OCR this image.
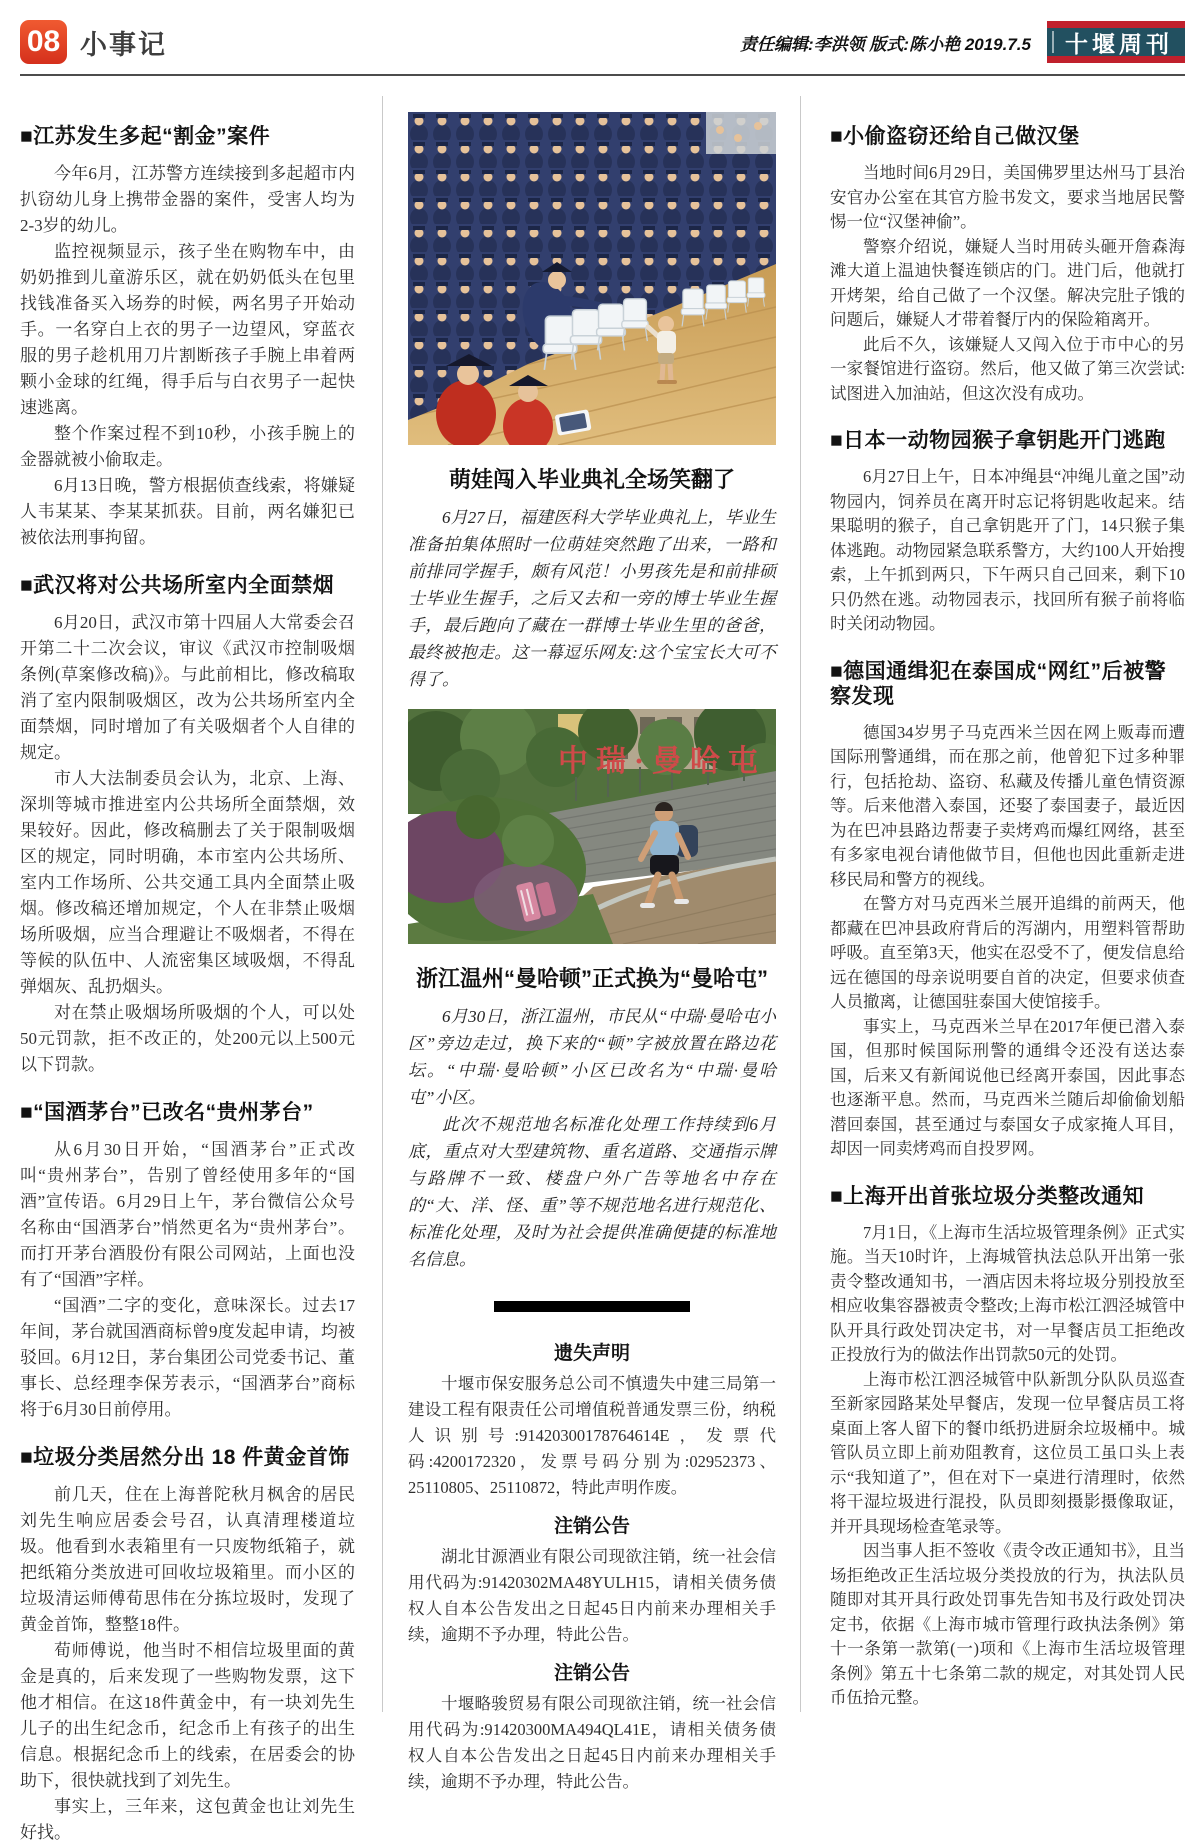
08 小事记	责任编辑:李洪领 版式:陈小艳 2019.7.5	十堰周刊
■江苏发生多起“割金”案件

今年6月，江苏警方连续接到多起超市内扒窃幼儿身上携带金器的案件，受害人均为2-3岁的幼儿。

监控视频显示，孩子坐在购物车中，由奶奶推到儿童游乐区，就在奶奶低头在包里找钱准备买入场券的时候，两名男子开始动手。一名穿白上衣的男子一边望风，穿蓝衣服的男子趁机用刀片割断孩子手腕上串着两颗小金球的红绳，得手后与白衣男子一起快速逃离。

整个作案过程不到10秒，小孩手腕上的金器就被小偷取走。

6月13日晚，警方根据侦查线索，将嫌疑人韦某某、李某某抓获。目前，两名嫌犯已被依法刑事拘留。

■武汉将对公共场所室内全面禁烟

6月20日，武汉市第十四届人大常委会召开第二十二次会议，审议《武汉市控制吸烟条例(草案修改稿)》。与此前相比，修改稿取消了室内限制吸烟区，改为公共场所室内全面禁烟，同时增加了有关吸烟者个人自律的规定。

市人大法制委员会认为，北京、上海、深圳等城市推进室内公共场所全面禁烟，效果较好。因此，修改稿删去了关于限制吸烟区的规定，同时明确，本市室内公共场所、室内工作场所、公共交通工具内全面禁止吸烟。修改稿还增加规定，个人在非禁止吸烟场所吸烟，应当合理避让不吸烟者，不得在等候的队伍中、人流密集区域吸烟，不得乱弹烟灰、乱扔烟头。

对在禁止吸烟场所吸烟的个人，可以处50元罚款，拒不改正的，处200元以上500元以下罚款。

■“国酒茅台”已改名“贵州茅台”

从6月30日开始，“国酒茅台”正式改叫“贵州茅台”，告别了曾经使用多年的“国酒”宣传语。6月29日上午，茅台微信公众号名称由“国酒茅台”悄然更名为“贵州茅台”。而打开茅台酒股份有限公司网站，上面也没有了“国酒”字样。

“国酒”二字的变化，意味深长。过去17年间，茅台就国酒商标曾9度发起申请，均被驳回。6月12日，茅台集团公司党委书记、董事长、总经理李保芳表示，“国酒茅台”商标将于6月30日前停用。

■垃圾分类居然分出 18 件黄金首饰

前几天，住在上海普陀秋月枫舍的居民刘先生响应居委会号召，认真清理楼道垃圾。他看到水表箱里有一只废物纸箱子，就把纸箱分类放进可回收垃圾箱里。而小区的垃圾清运师傅荀思伟在分拣垃圾时，发现了黄金首饰，整整18件。

荀师傅说，他当时不相信垃圾里面的黄金是真的，后来发现了一些购物发票，这下他才相信。在这18件黄金中，有一块刘先生儿子的出生纪念币，纪念币上有孩子的出生信息。根据纪念币上的线索，在居委会的协助下，很快就找到了刘先生。

事实上，三年来，这包黄金也让刘先生好找。

萌娃闯入毕业典礼全场笑翻了

6月27日，福建医科大学毕业典礼上，毕业生准备拍集体照时一位萌娃突然跑了出来，一路和前排同学握手，颇有风范！小男孩先是和前排硕士毕业生握手，之后又去和一旁的博士毕业生握手，最后跑向了藏在一群博士毕业生里的爸爸，最终被抱走。这一幕逗乐网友:这个宝宝长大可不得了。

中瑞·曼哈屯
浙江温州“曼哈顿”正式换为“曼哈屯”

6月30日，浙江温州，市民从“中瑞·曼哈屯小区”旁边走过，换下来的“顿”字被放置在路边花坛。“中瑞·曼哈顿”小区已改名为“中瑞·曼哈屯”小区。

此次不规范地名标准化处理工作持续到6月底，重点对大型建筑物、重名道路、交通指示牌与路牌不一致、楼盘户外广告等地名中存在的“大、洋、怪、重”等不规范地名进行规范化、标准化处理，及时为社会提供准确便捷的标准地名信息。

遗失声明

十堰市保安服务总公司不慎遗失中建三局第一建设工程有限责任公司增值税普通发票三份，纳税人识别号:91420300178764614E，发票代码:4200172320，发票号码分别为:02952373、25110805、25110872，特此声明作废。

注销公告

湖北甘源酒业有限公司现欲注销，统一社会信用代码为:91420302MA48YULH15，请相关债务债权人自本公告发出之日起45日内前来办理相关手续，逾期不予办理，特此公告。

注销公告

十堰略骏贸易有限公司现欲注销，统一社会信用代码为:91420300MA494QL41E，请相关债务债权人自本公告发出之日起45日内前来办理相关手续，逾期不予办理，特此公告。

■小偷盗窃还给自己做汉堡

当地时间6月29日，美国佛罗里达州马丁县治安官办公室在其官方脸书发文，要求当地居民警惕一位“汉堡神偷”。

警察介绍说，嫌疑人当时用砖头砸开詹森海滩大道上温迪快餐连锁店的门。进门后，他就打开烤架，给自己做了一个汉堡。解决完肚子饿的问题后，嫌疑人才带着餐厅内的保险箱离开。

此后不久，该嫌疑人又闯入位于市中心的另一家餐馆进行盗窃。然后，他又做了第三次尝试:试图进入加油站，但这次没有成功。

■日本一动物园猴子拿钥匙开门逃跑

6月27日上午，日本冲绳县“冲绳儿童之国”动物园内，饲养员在离开时忘记将钥匙收起来。结果聪明的猴子，自己拿钥匙开了门，14只猴子集体逃跑。动物园紧急联系警方，大约100人开始搜索，上午抓到两只，下午两只自己回来，剩下10只仍然在逃。动物园表示，找回所有猴子前将临时关闭动物园。

■德国通缉犯在泰国成“网红”后被警察发现

德国34岁男子马克西米兰因在网上贩毒而遭国际刑警通缉，而在那之前，他曾犯下过多种罪行，包括抢劫、盗窃、私藏及传播儿童色情资源等。后来他潜入泰国，还娶了泰国妻子，最近因为在巴冲县路边帮妻子卖烤鸡而爆红网络，甚至有多家电视台请他做节目，但他也因此重新走进移民局和警方的视线。

在警方对马克西米兰展开追缉的前两天，他都藏在巴冲县政府背后的泻湖内，用塑料管帮助呼吸。直至第3天，他实在忍受不了，便发信息给远在德国的母亲说明要自首的决定，但要求侦查人员撤离，让德国驻泰国大使馆接手。

事实上，马克西米兰早在2017年便已潜入泰国，但那时候国际刑警的通缉令还没有送达泰国，后来又有新闻说他已经离开泰国，因此事态也逐渐平息。然而，马克西米兰随后却偷偷划船潜回泰国，甚至通过与泰国女子成家掩人耳目，却因一同卖烤鸡而自投罗网。

■上海开出首张垃圾分类整改通知

7月1日，《上海市生活垃圾管理条例》正式实施。当天10时许，上海城管执法总队开出第一张责令整改通知书，一酒店因未将垃圾分别投放至相应收集容器被责令整改;上海市松江泗泾城管中队开具行政处罚决定书，对一早餐店员工拒绝改正投放行为的做法作出罚款50元的处罚。

上海市松江泗泾城管中队新凯分队队员巡查至新家园路某处早餐店，发现一位早餐店员工将桌面上客人留下的餐巾纸扔进厨余垃圾桶中。城管队员立即上前劝阻教育，这位员工虽口头上表示“我知道了”，但在对下一桌进行清理时，依然将干湿垃圾进行混投，队员即刻摄影摄像取证，并开具现场检查笔录等。

因当事人拒不签收《责令改正通知书》，且当场拒绝改正生活垃圾分类投放的行为，执法队员随即对其开具行政处罚事先告知书及行政处罚决定书，依据《上海市城市管理行政执法条例》第十一条第一款第(一)项和《上海市生活垃圾管理条例》第五十七条第二款的规定，对其处罚人民币伍拾元整。
